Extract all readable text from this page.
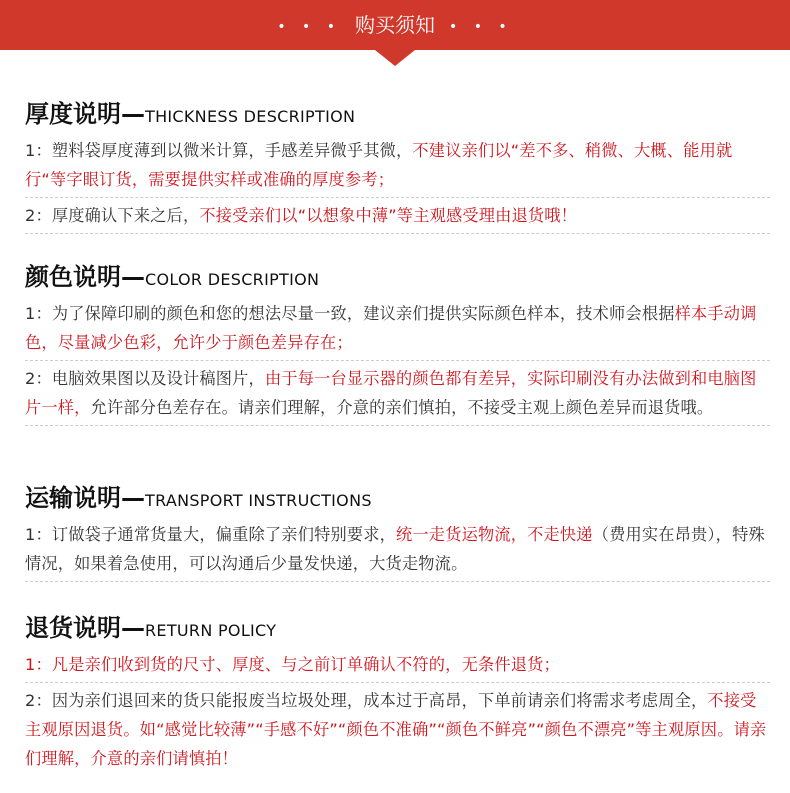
• • • 购买须知 • • •
厚度说明—THICKNESS DESCRIPTION

1：塑料袋厚度薄到以微米计算，手感差异微乎其微，不建议亲们以“差不多、稍微、大概、能用就行“等字眼订货，需要提供实样或准确的厚度参考；

2：厚度确认下来之后，不接受亲们以“以想象中薄”等主观感受理由退货哦！

颜色说明—COLOR DESCRIPTION

1：为了保障印刷的颜色和您的想法尽量一致，建议亲们提供实际颜色样本，技术师会根据样本手动调色，尽量减少色彩，允许少于颜色差异存在；

2：电脑效果图以及设计稿图片，由于每一台显示器的颜色都有差异，实际印刷没有办法做到和电脑图片一样，允许部分色差存在。请亲们理解，介意的亲们慎拍，不接受主观上颜色差异而退货哦。

运输说明—TRANSPORT INSTRUCTIONS

1：订做袋子通常货量大，偏重除了亲们特别要求，统一走货运物流，不走快递（费用实在昂贵），特殊情况，如果着急使用，可以沟通后少量发快递，大货走物流。

退货说明—RETURN POLICY

1：凡是亲们收到货的尺寸、厚度、与之前订单确认不符的，无条件退货；

2：因为亲们退回来的货只能报废当垃圾处理，成本过于高昂，下单前请亲们将需求考虑周全，不接受主观原因退货。如“感觉比较薄”“手感不好”“颜色不准确”“颜色不鲜亮”“颜色不漂亮”等主观原因。请亲们理解，介意的亲们请慎拍！
